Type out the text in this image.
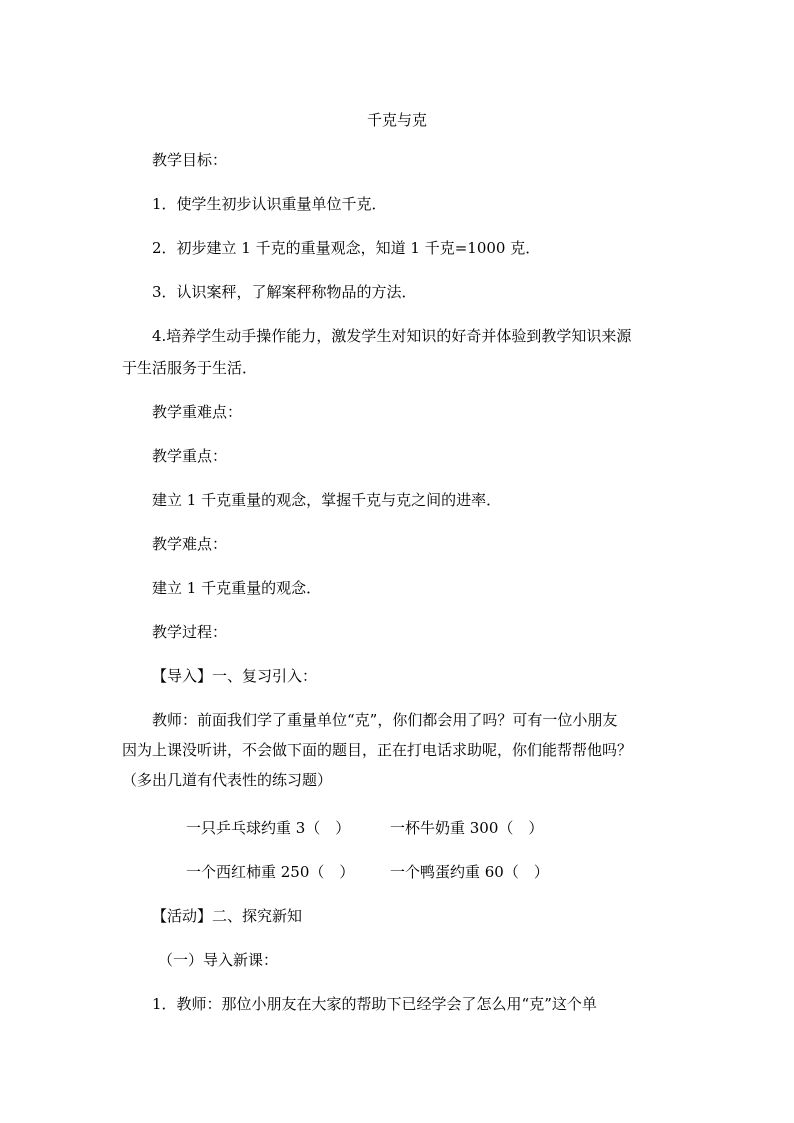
千克与克
教学目标：
1．使学生初步认识重量单位千克．
2．初步建立 1 千克的重量观念，知道 1 千克=1000 克．
3．认识案秤，了解案秤称物品的方法．
4.培养学生动手操作能力，激发学生对知识的好奇并体验到教学知识来源
于生活服务于生活．
教学重难点：
教学重点：
建立 1 千克重量的观念，掌握千克与克之间的进率．
教学难点：
建立 1 千克重量的观念．
教学过程：
【导入】一、复习引入：
教师：前面我们学了重量单位“克”，你们都会用了吗？可有一位小朋友
因为上课没听讲，不会做下面的题目，正在打电话求助呢，你们能帮帮他吗？
（多出几道有代表性的练习题）
一只乒乓球约重 3（　）	一杯牛奶重 300（　）
一个西红柿重 250（　） 一个鸭蛋约重 60（　）
【活动】二、探究新知
（一）导入新课：
1．教师：那位小朋友在大家的帮助下已经学会了怎么用“克”这个单
